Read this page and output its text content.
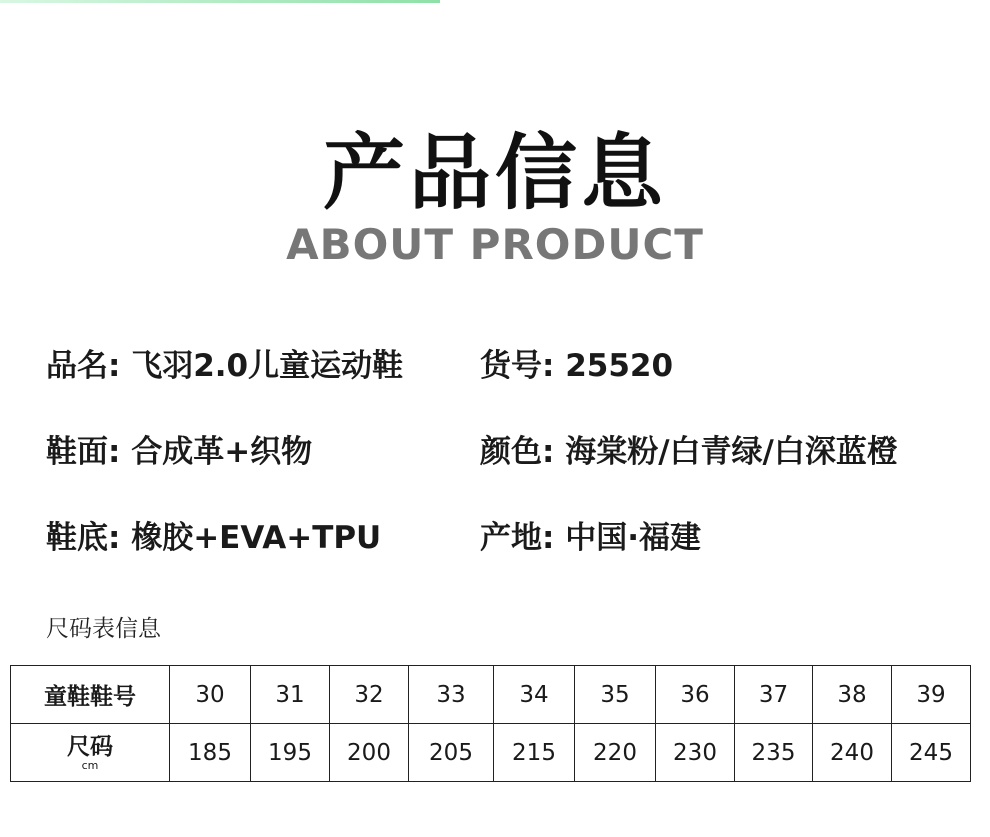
产品信息
ABOUT PRODUCT
品名: 飞羽2.0儿童运动鞋 货号: 25520
鞋面: 合成革+织物	颜色: 海棠粉/白青绿/白深蓝橙
鞋底: 橡胶+EVA+TPU	产地: 中国·福建
尺码表信息
童鞋鞋号	30	31	32	33	34	35	36	37	38	39

尺码
cm	185	195	200	205	215	220	230	235	240	245
